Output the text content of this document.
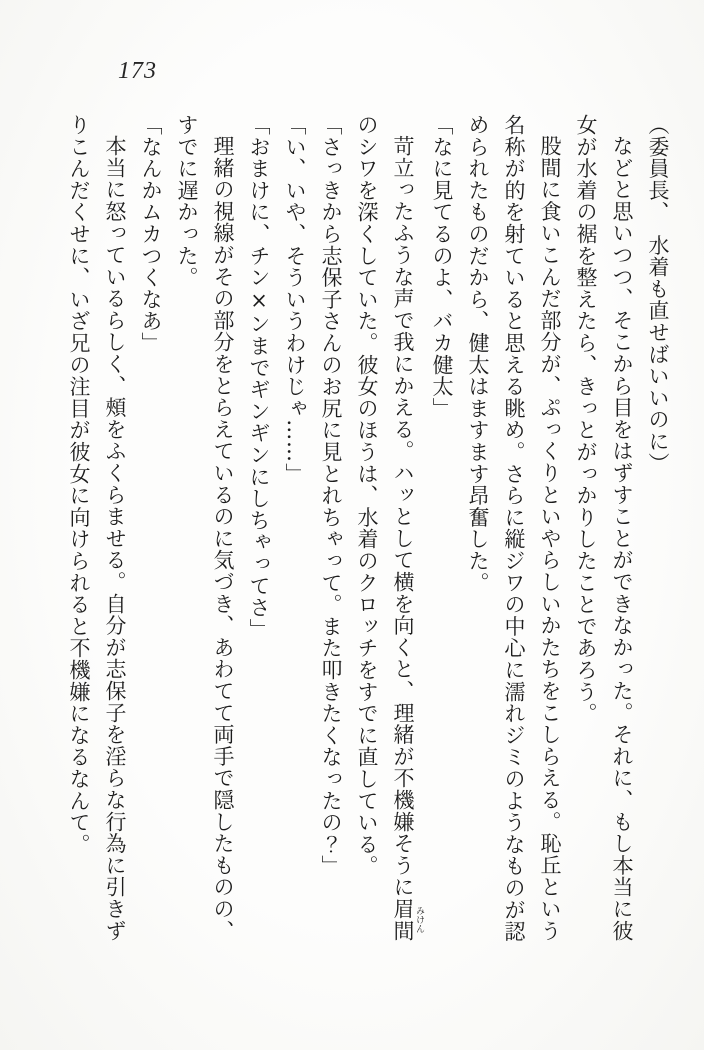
173

（委員長、　水着も直せばいいのに）

などと思いつつ、そこから目をはずすことができなかった。それに、もし本当に彼女が水着の裾を整えたら、きっとがっかりしたことであろう。

股間に食いこんだ部分が、ぷっくりといやらしいかたちをこしらえる。恥丘という名称が的を射ていると思える眺め。さらに縦ジワの中心に濡れジミのようなものが認められたものだから、健太はますます昂奮した。

「なに見てるのよ、バカ健太」

苛立ったふうな声で我にかえる。ハッとして横を向くと、理緒が不機嫌そうに眉間 みけんのシワを深くしていた。彼女のほうは、水着のクロッチをすでに直している。

「さっきから志保子さんのお尻に見とれちゃって。また叩きたくなったの？」

「い、いや、そういうわけじゃ……」

「おまけに、チン×ンまでギンギンにしちゃってさ」

理緒の視線がその部分をとらえているのに気づき、あわてて両手で隠したものの、すでに遅かった。

「なんかムカつくなあ」

本当に怒っているらしく、頰をふくらませる。自分が志保子を淫らな行為に引きずりこんだくせに、いざ兄の注目が彼女に向けられると不機嫌になるなんて。
